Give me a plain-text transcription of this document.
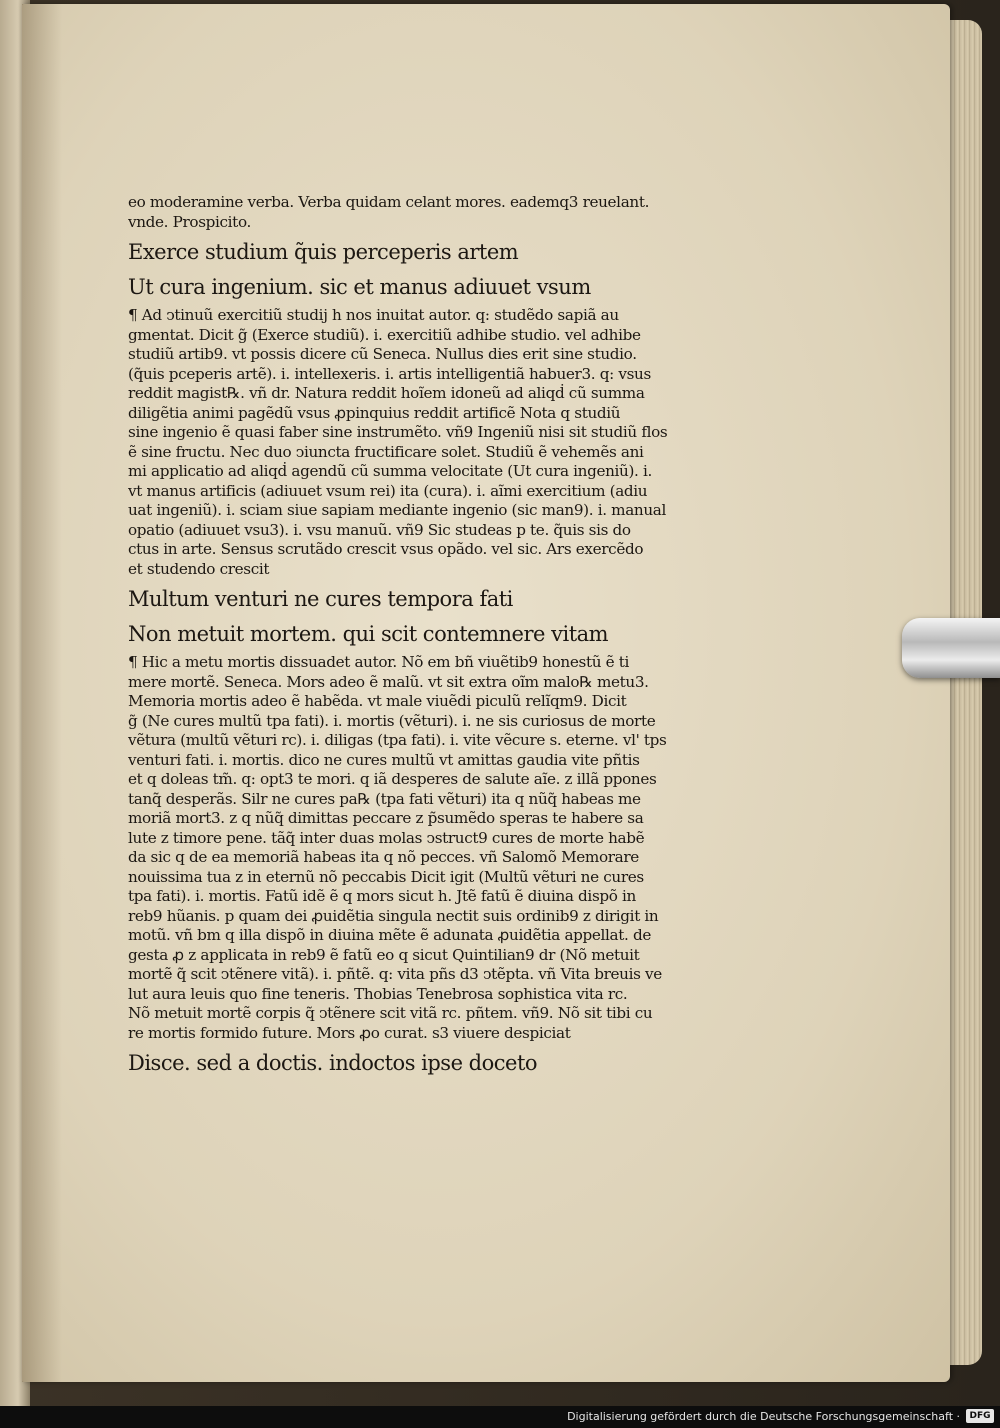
eo moderamine verba. Verba quidam celant mores. eademq3 reuelant.
vnde. Prospicito.
Exerce studium q̃uis perceperis artem
Ut cura ingenium. sic et manus adiuuet vsum
¶ Ad ↄtinuũ exercitiũ studij h nos inuitat autor. q: studẽdo sapiã au
gmentat. Dicit g̃ (Exerce studiũ). i. exercitiũ adhibe studio. vel adhibe
studiũ artib9. vt possis dicere cũ Seneca. Nullus dies erit sine studio.
(q̃uis pceperis artẽ). i. intellexeris. i. artis intelligentiã habuer3. q: vsus
reddit magist℞. vñ dr. Natura reddit hoĩem idoneũ ad aliqḋ cũ summa
diligẽtia animi pagẽdũ vsus ꝓpinquius reddit artificẽ Nota q studiũ
sine ingenio ẽ quasi faber sine instrumẽto. vñ9 Ingeniũ nisi sit studiũ flos
ẽ sine fructu. Nec duo ↄiuncta fructificare solet. Studiũ ẽ vehemẽs ani
mi applicatio ad aliqḋ agendũ cũ summa velocitate (Ut cura ingeniũ). i.
vt manus artificis (adiuuet vsum rei) ita (cura). i. aĩmi exercitium (adiu
uat ingeniũ). i. sciam siue sapiam mediante ingenio (sic man9). i. manual
opatio (adiuuet vsu3). i. vsu manuũ. vñ9 Sic studeas p te. q̃uis sis do
ctus in arte. Sensus scrutãdo crescit vsus opãdo. vel sic. Ars exercẽdo
et studendo crescit
Multum venturi ne cures tempora fati
Non metuit mortem. qui scit contemnere vitam
¶ Hic a metu mortis dissuadet autor. Nõ em bñ viuẽtib9 honestũ ẽ ti
mere mortẽ. Seneca. Mors adeo ẽ malũ. vt sit extra oĩm malo℞ metu3.
Memoria mortis adeo ẽ habẽda. vt male viuẽdi piculũ relĩqm9. Dicit
g̃ (Ne cures multũ tpa fati). i. mortis (vẽturi). i. ne sis curiosus de morte
vẽtura (multũ vẽturi rc). i. diligas (tpa fati). i. vite vẽcure s. eterne. vl' tps
venturi fati. i. mortis. dico ne cures multũ vt amittas gaudia vite pñtis
et q doleas tm̃. q: opt3 te mori. q iã desperes de salute aĩe. z illã ppones
tanq̃ desperãs. Silr ne cures pa℞ (tpa fati vẽturi) ita q nũq̃ habeas me
moriã mort3. z q nũq̃ dimittas peccare z p̃sumẽdo speras te habere sa
lute z timore pene. tãq̃ inter duas molas ↄstruct9 cures de morte habẽ
da sic q de ea memoriã habeas ita q nõ pecces. vñ Salomõ Memorare
nouissima tua z in eternũ nõ peccabis Dicit igit (Multũ vẽturi ne cures
tpa fati). i. mortis. Fatũ idẽ ẽ q mors sicut h. Jtẽ fatũ ẽ diuina dispõ in
reb9 hũanis. p quam dei ꝓuidẽtia singula nectit suis ordinib9 z dirigit in
motũ. vñ bm q illa dispõ in diuina mẽte ẽ adunata ꝓuidẽtia appellat. de
gesta ꝓ z applicata in reb9 ẽ fatũ eo q sicut Quintilian9 dr (Nõ metuit
mortẽ q̃ scit ↄtẽnere vitã). i. pñtẽ. q: vita pñs d3 ↄtẽpta. vñ Vita breuis ve
lut aura leuis quo fine teneris. Thobias Tenebrosa sophistica vita rc.
Nõ metuit mortẽ corpis q̃ ↄtẽnere scit vitã rc. pñtem. vñ9. Nõ sit tibi cu
re mortis formido future. Mors ꝓo curat. s3 viuere despiciat
Disce. sed a doctis. indoctos ipse doceto
Digitalisierung gefördert durch die Deutsche Forschungsgemeinschaft ·	DFG
